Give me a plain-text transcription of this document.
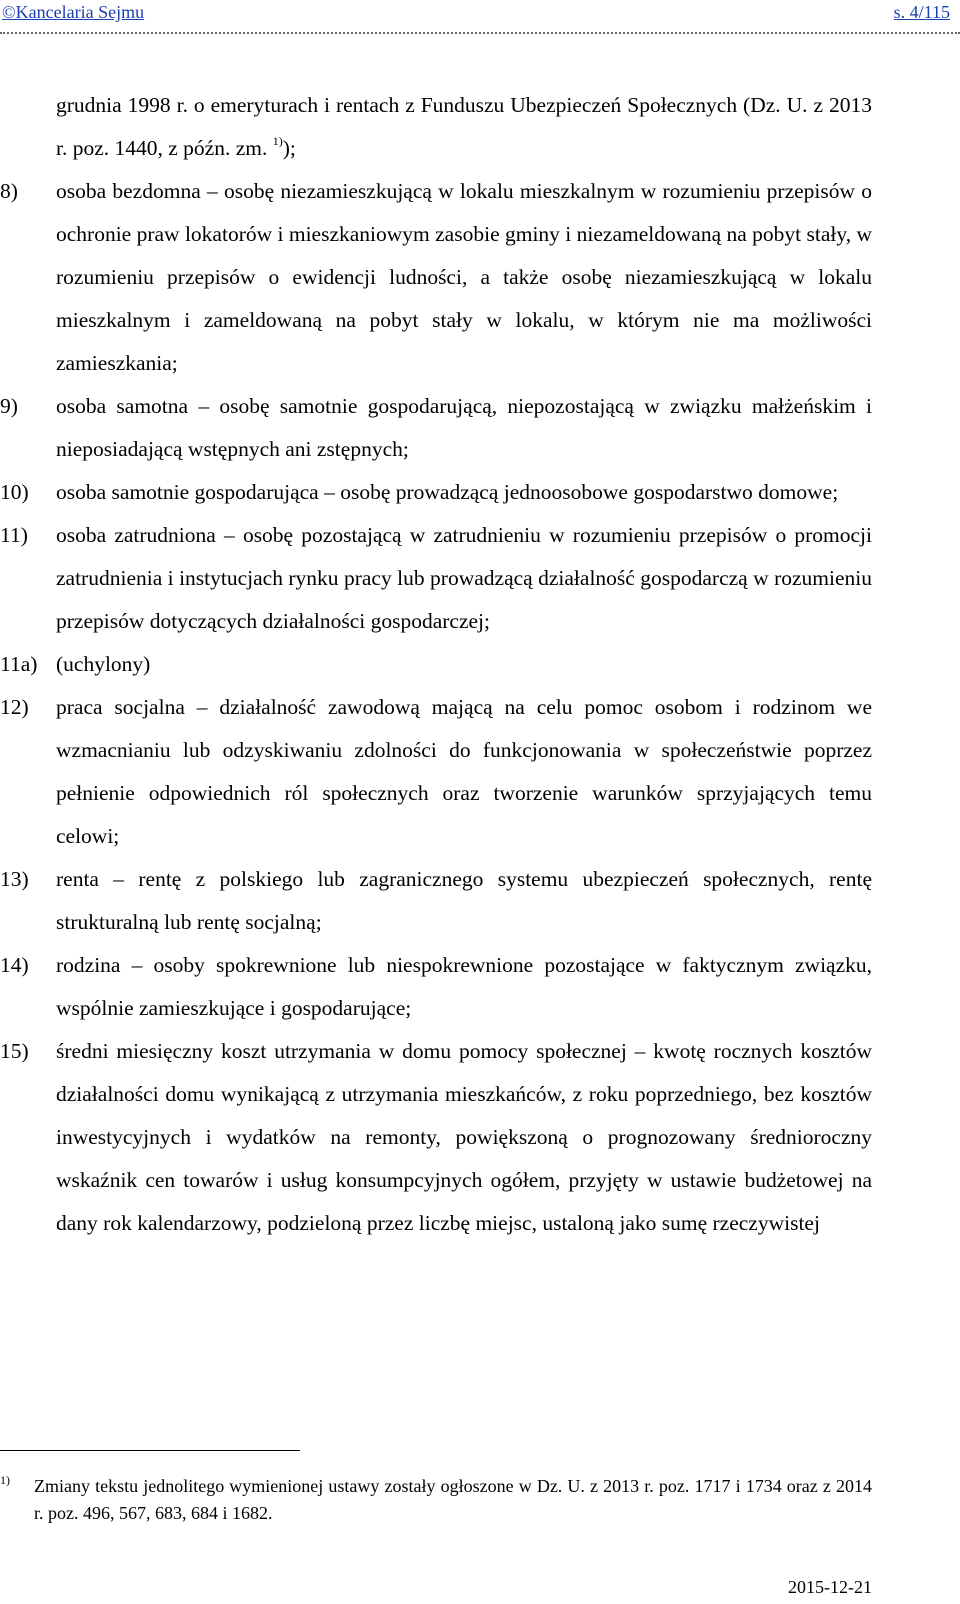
©Kancelaria Sejmu	s. 4/115
grudnia 1998 r. o emeryturach i rentach z Funduszu Ubezpieczeń Społecznych (Dz. U. z 2013 r. poz. 1440, z późn. zm. $^{1)}$);
8)	osoba bezdomna – osobę niezamieszkującą w lokalu mieszkalnym w rozumieniu przepisów o ochronie praw lokatorów i mieszkaniowym zasobie gminy i niezameldowaną na pobyt stały, w rozumieniu przepisów o ewidencji ludności, a także osobę niezamieszkującą w lokalu mieszkalnym i zameldowaną na pobyt stały w lokalu, w którym nie ma możliwości zamieszkania;
9)	osoba samotna – osobę samotnie gospodarującą, niepozostającą w związku małżeńskim i nieposiadającą wstępnych ani zstępnych;
10)	osoba samotnie gospodarująca – osobę prowadzącą jednoosobowe gospodarstwo domowe;
11)	osoba zatrudniona – osobę pozostającą w zatrudnieniu w rozumieniu przepisów o promocji zatrudnienia i instytucjach rynku pracy lub prowadzącą działalność gospodarczą w rozumieniu przepisów dotyczących działalności gospodarczej;
11a) (uchylony)
12)	praca socjalna – działalność zawodową mającą na celu pomoc osobom i rodzinom we wzmacnianiu lub odzyskiwaniu zdolności do funkcjonowania w społeczeństwie poprzez pełnienie odpowiednich ról społecznych oraz tworzenie warunków sprzyjających temu celowi;
13)	renta – rentę z polskiego lub zagranicznego systemu ubezpieczeń społecznych, rentę strukturalną lub rentę socjalną;
14)	rodzina – osoby spokrewnione lub niespokrewnione pozostające w faktycznym związku, wspólnie zamieszkujące i gospodarujące;
15)	średni miesięczny koszt utrzymania w domu pomocy społecznej – kwotę rocznych kosztów działalności domu wynikającą z utrzymania mieszkańców, z roku poprzedniego, bez kosztów inwestycyjnych i wydatków na remonty, powiększoną o prognozowany średnioroczny wskaźnik cen towarów i usług konsumpcyjnych ogółem, przyjęty w ustawie budżetowej na dany rok kalendarzowy, podzieloną przez liczbę miejsc, ustaloną jako sumę rzeczywistej
1)	Zmiany tekstu jednolitego wymienionej ustawy zostały ogłoszone w Dz. U. z 2013 r. poz. 1717 i 1734 oraz z 2014 r. poz. 496, 567, 683, 684 i 1682.
2015-12-21
